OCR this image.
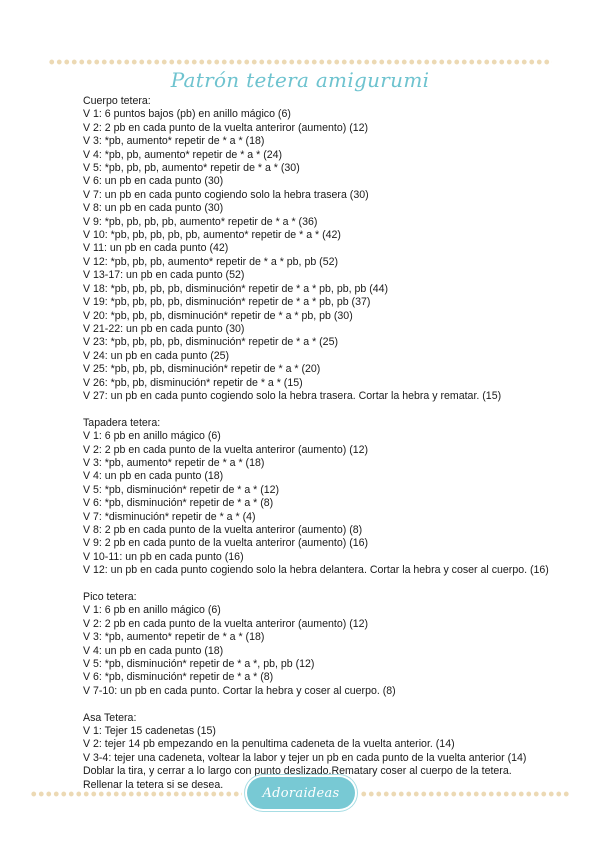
Patrón tetera amigurumi
Cuerpo tetera:
V 1: 6 puntos bajos (pb) en anillo mágico (6)
V 2: 2 pb en cada punto de la vuelta anteriror (aumento) (12)
V 3: *pb, aumento* repetir de * a * (18)
V 4: *pb, pb, aumento* repetir de * a * (24)
V 5: *pb, pb, pb, aumento* repetir de * a * (30)
V 6: un pb en cada punto (30)
V 7: un pb en cada punto cogiendo solo la hebra trasera (30)
V 8: un pb en cada punto (30)
V 9: *pb, pb, pb, pb, aumento* repetir de * a * (36)
V 10: *pb, pb, pb, pb, pb, aumento* repetir de * a * (42)
V 11: un pb en cada punto (42)
V 12: *pb, pb, pb, aumento* repetir de * a * pb, pb (52)
V 13-17: un pb en cada punto (52)
V 18: *pb, pb, pb, pb, disminución* repetir de * a * pb, pb, pb (44)
V 19: *pb, pb, pb, pb, disminución* repetir de * a * pb, pb (37)
V 20: *pb, pb, pb, disminución* repetir de * a * pb, pb (30)
V 21-22: un pb en cada punto (30)
V 23: *pb, pb, pb, pb, disminución* repetir de * a * (25)
V 24: un pb en cada punto (25)
V 25: *pb, pb, pb, disminución* repetir de * a * (20)
V 26: *pb, pb, disminución* repetir de * a * (15)
V 27: un pb en cada punto cogiendo solo la hebra trasera. Cortar la hebra y rematar. (15)
Tapadera tetera:
V 1: 6 pb en anillo mágico (6)
V 2: 2 pb en cada punto de la vuelta anteriror (aumento) (12)
V 3: *pb, aumento* repetir de * a * (18)
V 4: un pb en cada punto (18)
V 5: *pb, disminución* repetir de * a * (12)
V 6: *pb, disminución* repetir de * a * (8)
V 7: *disminución* repetir de * a * (4)
V 8: 2 pb en cada punto de la vuelta anteriror (aumento) (8)
V 9: 2 pb en cada punto de la vuelta anteriror (aumento) (16)
V 10-11: un pb en cada punto (16)
V 12: un pb en cada punto cogiendo solo la hebra delantera. Cortar la hebra y coser al cuerpo. (16)
Pico tetera:
V 1: 6 pb en anillo mágico (6)
V 2: 2 pb en cada punto de la vuelta anteriror (aumento) (12)
V 3: *pb, aumento* repetir de * a * (18)
V 4: un pb en cada punto (18)
V 5: *pb, disminución* repetir de * a *, pb, pb (12)
V 6: *pb, disminución* repetir de * a * (8)
V 7-10: un pb en cada punto. Cortar la hebra y coser al cuerpo. (8)
Asa Tetera:
V 1: Tejer 15 cadenetas (15)
V 2: tejer 14 pb empezando en la penultima cadeneta de la vuelta anterior. (14)
V 3-4: tejer una cadeneta, voltear la labor y tejer un pb en cada punto de la vuelta anterior (14)
Doblar la tira, y cerrar a lo largo con punto deslizado.Rematary coser al cuerpo de la tetera.
Rellenar la tetera si se desea.
Adoraideas
